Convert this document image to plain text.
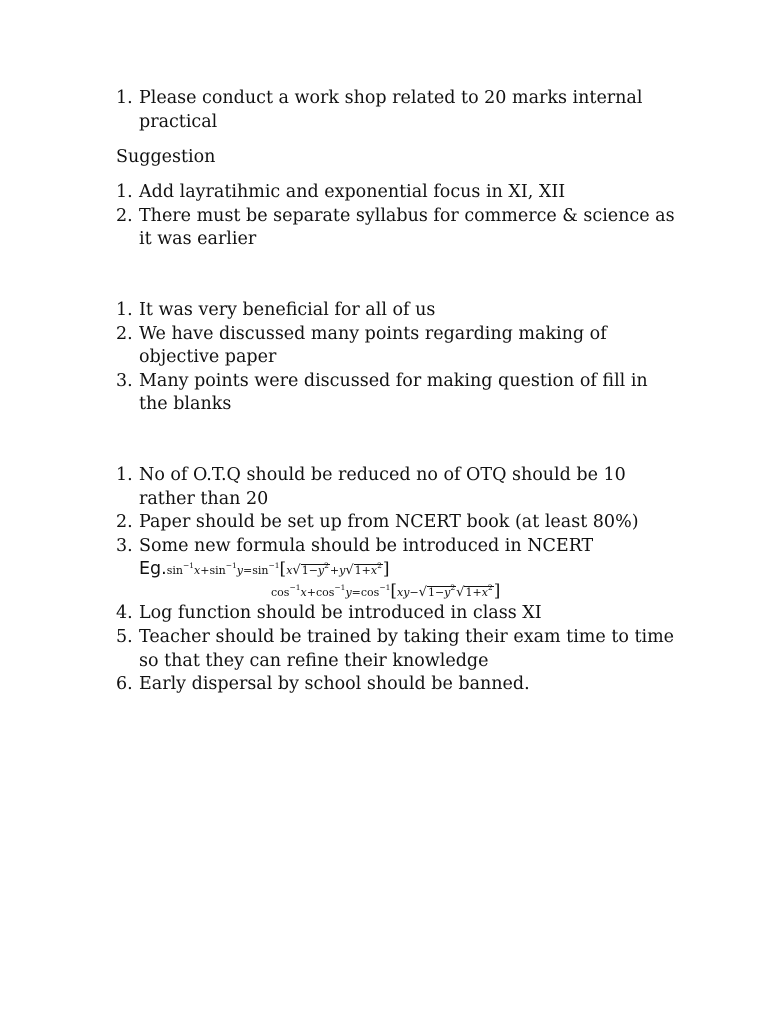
1. Please conduct a work shop related to 20 marks internal practical

Suggestion

1. Add layratihmic and exponential focus in XI, XII
2. There must be separate syllabus for commerce & science as it was earlier
1. It was very beneficial for all of us
2. We have discussed many points regarding making of objective paper
3. Many points were discussed for making question of fill in the blanks
1. No of O.T.Q should be reduced no of OTQ should be 10 rather than 20
2. Paper should be set up from NCERT book (at least 80%)
3. Some new formula should be introduced in NCERT
$Eg.\sin^{-1}x+\sin^{-1}y=\sin^{-1}[x√1-y^2+y√1+x^2]$
$\cos^{-1}x+\cos^{-1}y=\cos^{-1}[xy-√1-y^2√1+x^2]$
4. Log function should be introduced in class XI
5. Teacher should be trained by taking their exam time to time so that they can refine their knowledge
6. Early dispersal by school should be banned.
